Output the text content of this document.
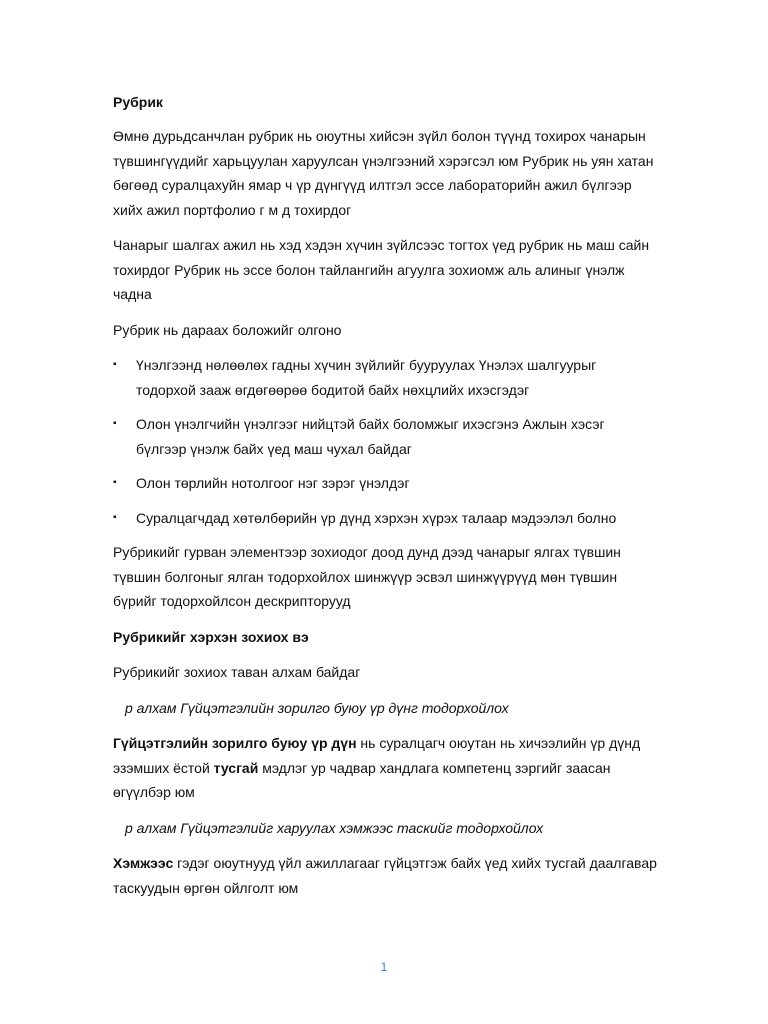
Рубрик

Өмнө дурьдсанчлан рубрик нь оюутны хийсэн зүйл болон түүнд тохирох чанарын түвшингүүдийг харьцуулан харуулсан үнэлгээний хэрэгсэл юм Рубрик нь уян хатан бөгөөд суралцахуйн ямар ч үр дүнгүүд илтгэл эссе лабораторийн ажил бүлгээр хийх ажил портфолио г м д тохирдог

Чанарыг шалгах ажил нь хэд хэдэн хүчин зүйлсээс тогтох үед рубрик нь маш сайн тохирдог Рубрик нь эссе болон тайлангийн агуулга зохиомж аль алиныг үнэлж чадна

Рубрик нь дараах боложийг олгоно

▪ Үнэлгээнд нөлөөлөх гадны хүчин зүйлийг бууруулах Үнэлэх шалгуурыг тодорхой зааж өгдөгөөрөө бодитой байх нөхцлийх ихэсгэдэг
▪ Олон үнэлгчийн үнэлгээг нийцтэй байх боломжыг ихэсгэнэ Ажлын хэсэг бүлгээр үнэлж байх үед маш чухал байдаг
▪ Олон төрлийн нотолгоог нэг зэрэг үнэлдэг
▪ Суралцагчдад хөтөлбөрийн үр дүнд хэрхэн хүрэх талаар мэдээлэл болно

Рубрикийг гурван элементээр зохиодог доод дунд дээд чанарыг ялгах түвшин түвшин болгоныг ялган тодорхойлох шинжүүр эсвэл шинжүүрүүд мөн түвшин бүрийг тодорхойлсон дескрипторууд

Рубрикийг хэрхэн зохиох вэ

Рубрикийг зохиох таван алхам байдаг

р алхам Гүйцэтгэлийн зорилго буюу үр дүнг тодорхойлох

Гүйцэтгэлийн зорилго буюу үр дүн нь суралцагч оюутан нь хичээлийн үр дүнд эзэмших ёстой тусгай мэдлэг ур чадвар хандлага компетенц зэргийг заасан өгүүлбэр юм

р алхам Гүйцэтгэлийг харуулах хэмжээс таскийг тодорхойлох

Хэмжээс гэдэг оюутнууд үйл ажиллагааг гүйцэтгэж байх үед хийх тусгай даалгавар таскуудын өргөн ойлголт юм

1
